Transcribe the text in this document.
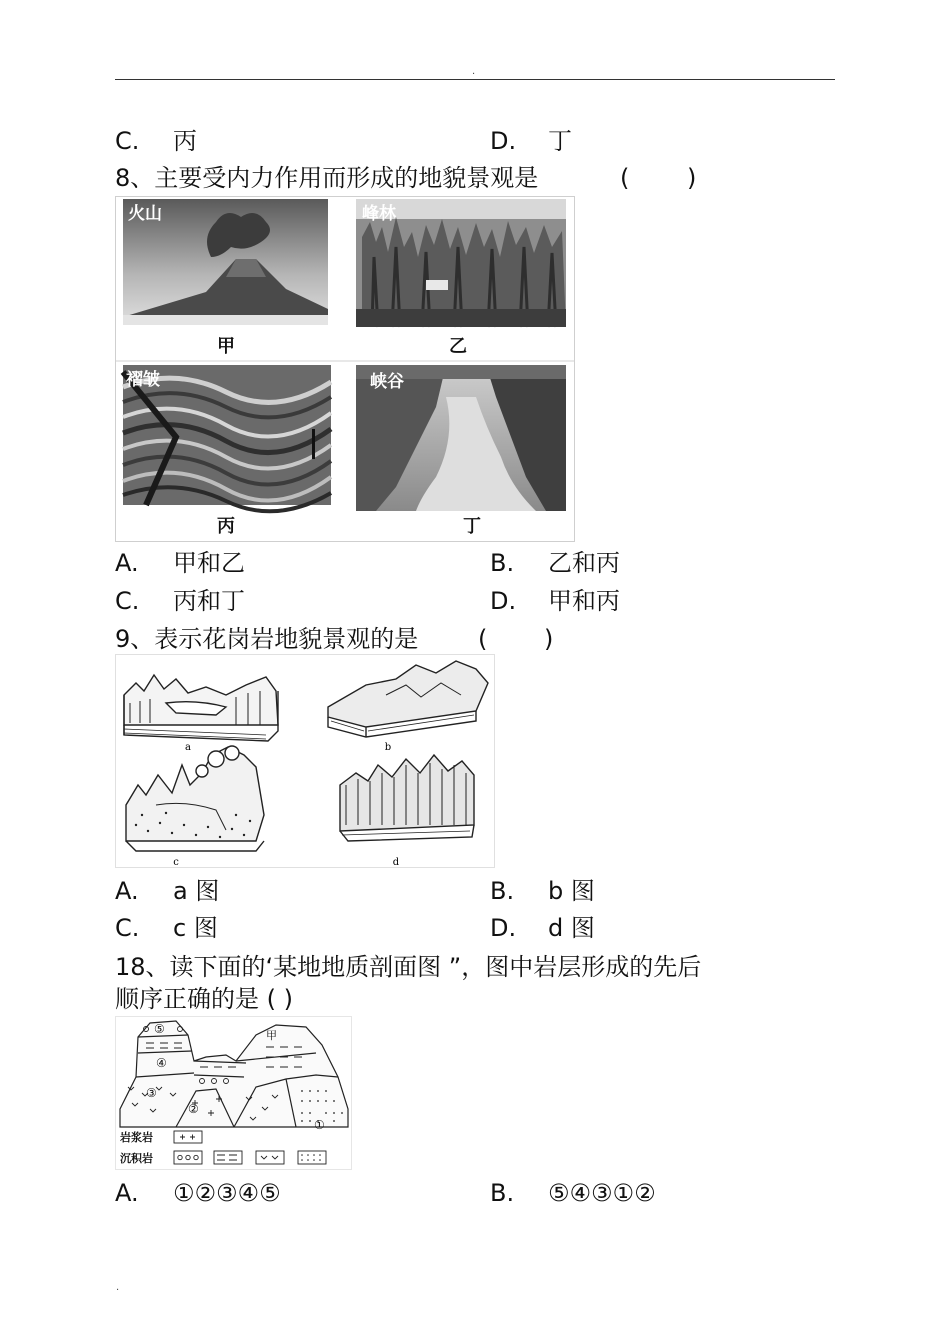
.
C. 丙	D. 丁
8、主要受内力作用而形成的地貌景观是	( )
火山
甲
峰林
乙
褶皱
丙
峡谷
丁
A. 甲和乙	B. 乙和丙
C. 丙和丁	D. 甲和丙
9、表示花岗岩地貌景观的是 ( )
a	b
c	d
A. a 图	B. b 图
C. c 图	D. d 图
18、读下面的‘某地地质剖面图 ”，图中岩层形成的先后
顺序正确的是 ( )
⑤
④
甲
③
②
①
岩浆岩
沉积岩
A. ①②③④⑤	B. ⑤④③①②
.
